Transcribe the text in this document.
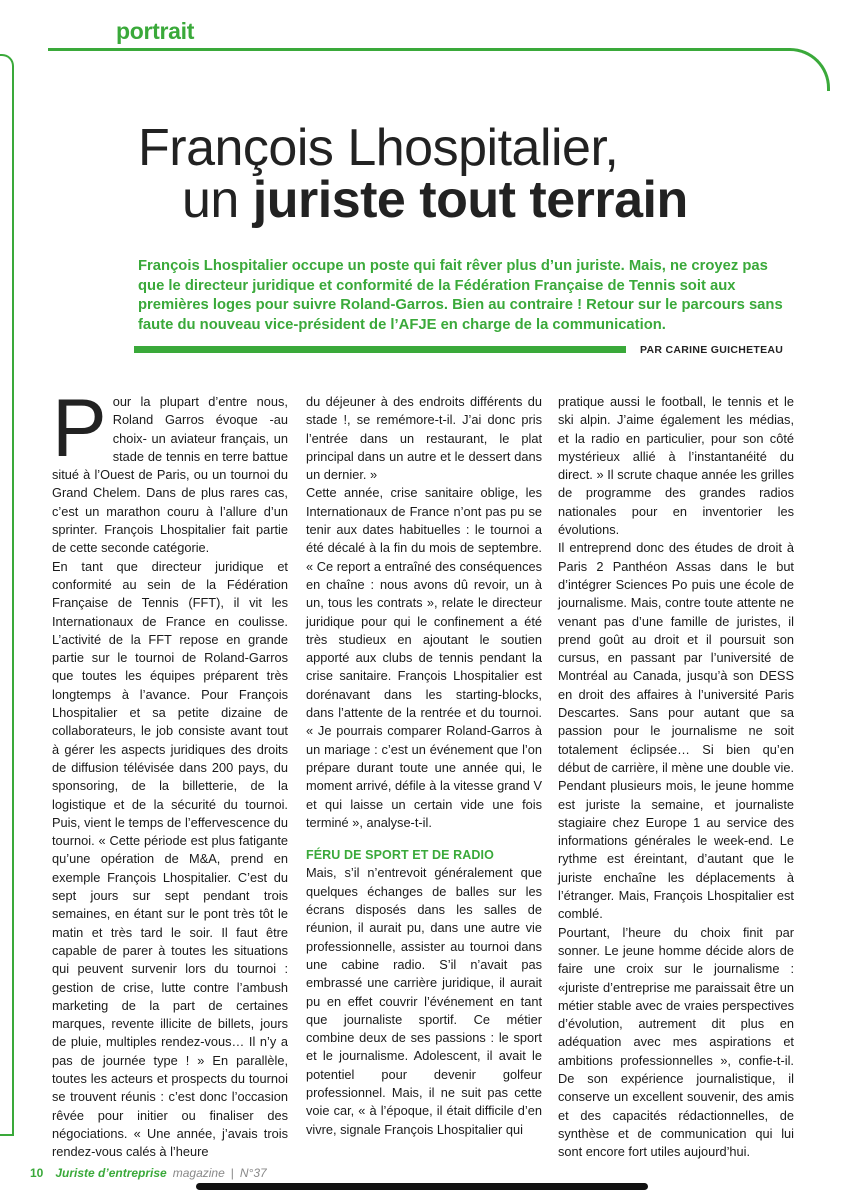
portrait
François Lhospitalier,
un juriste tout terrain
François Lhospitalier occupe un poste qui fait rêver plus d’un juriste. Mais, ne croyez pas que le directeur juridique et conformité de la Fédération Française de Tennis soit aux premières loges pour suivre Roland-Garros. Bien au contraire ! Retour sur le parcours sans faute du nouveau vice-président de l’AFJE en charge de la communication.
PAR CARINE GUICHETEAU

Pour la plupart d’entre nous, Roland Garros évoque -au choix- un aviateur français, un stade de tennis en terre battue situé à l’Ouest de Paris, ou un tournoi du Grand Chelem. Dans de plus rares cas, c’est un marathon couru à l’allure d’un sprinter. François Lhospitalier fait partie de cette seconde catégorie.

En tant que directeur juridique et conformité au sein de la Fédération Française de Tennis (FFT), il vit les Internationaux de France en coulisse. L’activité de la FFT repose en grande partie sur le tournoi de Roland-Garros que toutes les équipes préparent très longtemps à l’avance. Pour François Lhospitalier et sa petite dizaine de collaborateurs, le job consiste avant tout à gérer les aspects juridiques des droits de diffusion télévisée dans 200 pays, du sponsoring, de la billetterie, de la logistique et de la sécurité du tournoi. Puis, vient le temps de l’effervescence du tournoi. « Cette période est plus fatigante qu’une opération de M&A, prend en exemple François Lhospitalier. C’est du sept jours sur sept pendant trois semaines, en étant sur le pont très tôt le matin et très tard le soir. Il faut être capable de parer à toutes les situations qui peuvent survenir lors du tournoi : gestion de crise, lutte contre l’ambush marketing de la part de certaines marques, revente illicite de billets, jours de pluie, multiples rendez-vous… Il n’y a pas de journée type ! » En parallèle, toutes les acteurs et prospects du tournoi se trouvent réunis : c’est donc l’occasion rêvée pour initier ou finaliser des négociations. « Une année, j’avais trois rendez-vous calés à l’heure

du déjeuner à des endroits différents du stade !, se remémore-t-il. J’ai donc pris l’entrée dans un restaurant, le plat principal dans un autre et le dessert dans un dernier. »

Cette année, crise sanitaire oblige, les Internationaux de France n’ont pas pu se tenir aux dates habituelles : le tournoi a été décalé à la fin du mois de septembre. « Ce report a entraîné des conséquences en chaîne : nous avons dû revoir, un à un, tous les contrats », relate le directeur juridique pour qui le confinement a été très studieux en ajoutant le soutien apporté aux clubs de tennis pendant la crise sanitaire. François Lhospitalier est dorénavant dans les starting-blocks, dans l’attente de la rentrée et du tournoi. « Je pourrais comparer Roland-Garros à un mariage : c’est un événement que l’on prépare durant toute une année qui, le moment arrivé, défile à la vitesse grand V et qui laisse un certain vide une fois terminé », analyse-t-il.

FÉRU DE SPORT ET DE RADIO

Mais, s’il n’entrevoit généralement que quelques échanges de balles sur les écrans disposés dans les salles de réunion, il aurait pu, dans une autre vie professionnelle, assister au tournoi dans une cabine radio. S’il n’avait pas embrassé une carrière juridique, il aurait pu en effet couvrir l’événement en tant que journaliste sportif. Ce métier combine deux de ses passions : le sport et le journalisme. Adolescent, il avait le potentiel pour devenir golfeur professionnel. Mais, il ne suit pas cette voie car, « à l’époque, il était difficile d’en vivre, signale François Lhospitalier qui

pratique aussi le football, le tennis et le ski alpin. J’aime également les médias, et la radio en particulier, pour son côté mystérieux allié à l’instantanéité du direct. » Il scrute chaque année les grilles de programme des grandes radios nationales pour en inventorier les évolutions.

Il entreprend donc des études de droit à Paris 2 Panthéon Assas dans le but d’intégrer Sciences Po puis une école de journalisme. Mais, contre toute attente ne venant pas d’une famille de juristes, il prend goût au droit et il poursuit son cursus, en passant par l’université de Montréal au Canada, jusqu’à son DESS en droit des affaires à l’université Paris Descartes. Sans pour autant que sa passion pour le journalisme ne soit totalement éclipsée… Si bien qu’en début de carrière, il mène une double vie. Pendant plusieurs mois, le jeune homme est juriste la semaine, et journaliste stagiaire chez Europe 1 au service des informations générales le week-end. Le rythme est éreintant, d’autant que le juriste enchaîne les déplacements à l’étranger. Mais, François Lhospitalier est comblé.

Pourtant, l’heure du choix finit par sonner. Le jeune homme décide alors de faire une croix sur le journalisme : «juriste d’entreprise me paraissait être un métier stable avec de vraies perspectives d’évolution, autrement dit plus en adéquation avec mes aspirations et ambitions professionnelles », confie-t-il. De son expérience journalistique, il conserve un excellent souvenir, des amis et des capacités rédactionnelles, de synthèse et de communication qui lui sont encore fort utiles aujourd’hui.

10 Juriste d’entreprise magazine | N°37
